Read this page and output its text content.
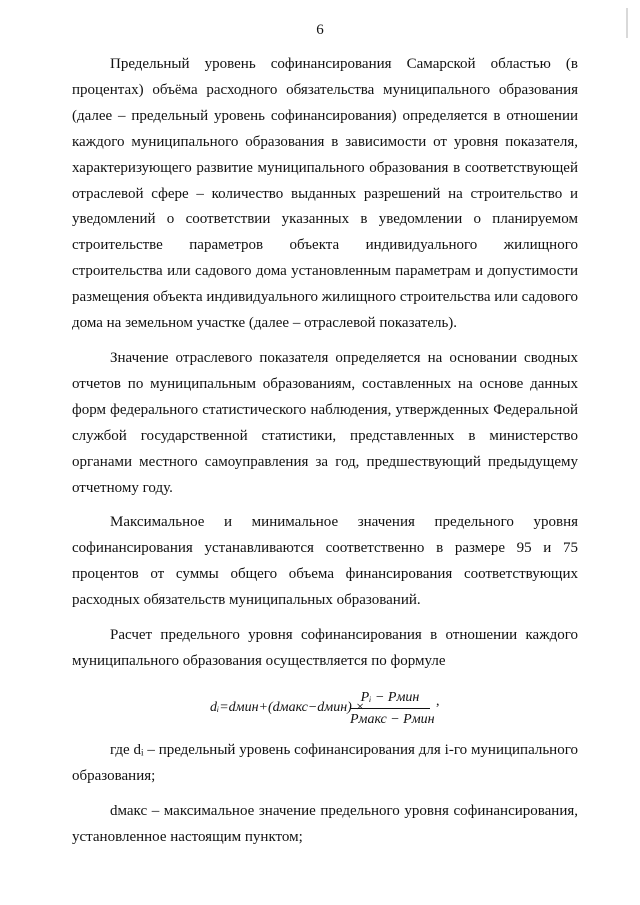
6

Предельный уровень софинансирования Самарской областью (в процентах) объёма расходного обязательства муниципального образования (далее – предельный уровень софинансирования) определяется в отношении каждого муниципального образования в зависимости от уровня показателя, характеризующего развитие муниципального образования в соответствующей отраслевой сфере – количество выданных разрешений на строительство и уведомлений о соответствии указанных в уведомлении о планируемом строительстве параметров объекта индивидуального жилищного строительства или садового дома установленным параметрам и допустимости размещения объекта индивидуального жилищного строительства или садового дома на земельном участке (далее – отраслевой показатель).

Значение отраслевого показателя определяется на основании сводных отчетов по муниципальным образованиям, составленных на основе данных форм федерального статистического наблюдения, утвержденных Федеральной службой государственной статистики, представленных в министерство органами местного самоуправления за год, предшествующий предыдущему отчетному году.

Максимальное и минимальное значения предельного уровня софинансирования устанавливаются соответственно в размере 95 и 75 процентов от суммы общего объема финансирования соответствующих расходных обязательств муниципальных образований.

Расчет предельного уровня софинансирования в отношении каждого муниципального образования осуществляется по формуле

dᵢ=dмин+(dмакс−dмин) ×
Pᵢ − Pмин
Pмакс − Pмин
,

где dᵢ – предельный уровень софинансирования для i-го муниципального образования;

dмакс – максимальное значение предельного уровня софинансирования, установленное настоящим пунктом;
